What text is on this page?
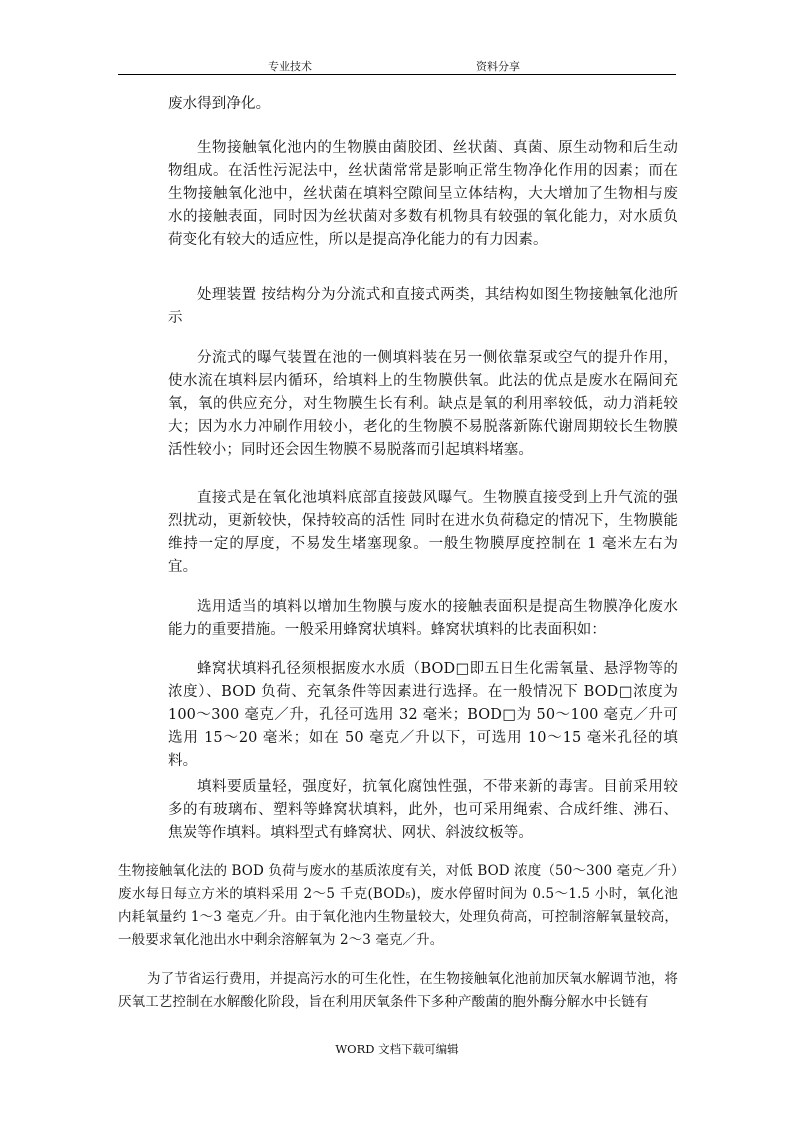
专业技术	资料分享

废水得到净化。

生物接触氧化池内的生物膜由菌胶团、丝状菌、真菌、原生动物和后生动物组成。在活性污泥法中，丝状菌常常是影响正常生物净化作用的因素；而在生物接触氧化池中，丝状菌在填料空隙间呈立体结构，大大增加了生物相与废水的接触表面，同时因为丝状菌对多数有机物具有较强的氧化能力，对水质负荷变化有较大的适应性，所以是提高净化能力的有力因素。

处理装置 按结构分为分流式和直接式两类，其结构如图生物接触氧化池所示

分流式的曝气装置在池的一侧填料装在另一侧依靠泵或空气的提升作用，使水流在填料层内循环，给填料上的生物膜供氧。此法的优点是废水在隔间充氧，氧的供应充分，对生物膜生长有利。缺点是氧的利用率较低，动力消耗较大；因为水力冲刷作用较小，老化的生物膜不易脱落新陈代谢周期较长生物膜活性较小；同时还会因生物膜不易脱落而引起填料堵塞。

直接式是在氧化池填料底部直接鼓风曝气。生物膜直接受到上升气流的强烈扰动，更新较快，保持较高的活性 同时在进水负荷稳定的情况下，生物膜能维持一定的厚度，不易发生堵塞现象。一般生物膜厚度控制在 1 毫米左右为宜。

选用适当的填料以增加生物膜与废水的接触表面积是提高生物膜净化废水能力的重要措施。一般采用蜂窝状填料。蜂窝状填料的比表面积如：

蜂窝状填料孔径须根据废水水质（BOD□即五日生化需氧量、悬浮物等的浓度）、BOD 负荷、充氧条件等因素进行选择。在一般情况下 BOD□浓度为 100～300 毫克／升，孔径可选用 32 毫米；BOD□为 50～100 毫克／升可选用 15～20 毫米；如在 50 毫克／升以下，可选用 10～15 毫米孔径的填料。

填料要质量轻，强度好，抗氧化腐蚀性强，不带来新的毒害。目前采用较多的有玻璃布、塑料等蜂窝状填料，此外，也可采用绳索、合成纤维、沸石、焦炭等作填料。填料型式有蜂窝状、网状、斜波纹板等。

生物接触氧化法的 BOD 负荷与废水的基质浓度有关，对低 BOD 浓度（50～300 毫克／升）废水每日每立方米的填料采用 2～5 千克(BOD₅)，废水停留时间为 0.5～1.5 小时，氧化池内耗氧量约 1～3 毫克／升。由于氧化池内生物量较大，处理负荷高，可控制溶解氧量较高，一般要求氧化池出水中剩余溶解氧为 2～3 毫克／升。

为了节省运行费用，并提高污水的可生化性，在生物接触氧化池前加厌氧水解调节池，将厌氧工艺控制在水解酸化阶段，旨在利用厌氧条件下多种产酸菌的胞外酶分解水中长链有

WORD 文档下载可编辑
